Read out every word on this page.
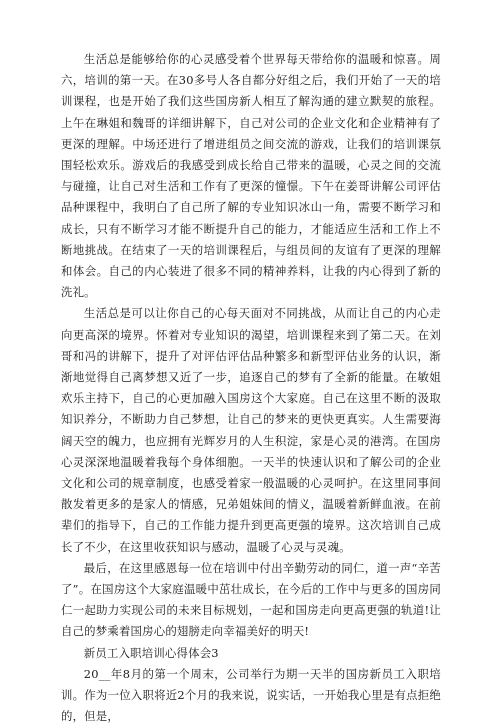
生活总是能够给你的心灵感受着个世界每天带给你的温暖和惊喜。周六，培训的第一天。在30多号人各自都分好组之后，我们开始了一天的培训课程，也是开始了我们这些国房新人相互了解沟通的建立默契的旅程。上午在琳姐和魏哥的详细讲解下，自己对公司的企业文化和企业精神有了更深的理解。中场还进行了增进组员之间交流的游戏，让我们的培训课氛围轻松欢乐。游戏后的我感受到成长给自己带来的温暖，心灵之间的交流与碰撞，让自己对生活和工作有了更深的憧憬。下午在姜哥讲解公司评估品种课程中，我明白了自己所了解的专业知识冰山一角，需要不断学习和成长，只有不断学习才能不断提升自己的能力，才能适应生活和工作上不断地挑战。在结束了一天的培训课程后，与组员间的友谊有了更深的理解和体会。自己的内心装进了很多不同的精神养料，让我的内心得到了新的洗礼。

生活总是可以让你自己的心每天面对不同挑战，从而让自己的内心走向更高深的境界。怀着对专业知识的渴望，培训课程来到了第二天。在刘哥和冯的讲解下，提升了对评估评估品种繁多和新型评估业务的认识，渐渐地觉得自己离梦想又近了一步，追逐自己的梦有了全新的能量。在敏姐欢乐主持下，自己的心更加融入国房这个大家庭。自己在这里不断的汲取知识养分，不断助力自己梦想，让自己的梦来的更快更真实。人生需要海阔天空的魄力，也应拥有光辉岁月的人生积淀，家是心灵的港湾。在国房心灵深深地温暖着我每个身体细胞。一天半的快速认识和了解公司的企业文化和公司的规章制度，也感受着家一般温暖的心灵呵护。在这里同事间散发着更多的是家人的情感，兄弟姐妹间的情义，温暖着新鲜血液。在前辈们的指导下，自己的工作能力提升到更高更强的境界。这次培训自己成长了不少，在这里收获知识与感动，温暖了心灵与灵魂。

最后，在这里感恩每一位在培训中付出辛勤劳动的同仁，道一声“辛苦了”。在国房这个大家庭温暖中茁壮成长，在今后的工作中与更多的国房同仁一起助力实现公司的未来目标规划，一起和国房走向更高更强的轨道!让自己的梦乘着国房心的翅膀走向幸福美好的明天!

新员工入职培训心得体会3

20__年8月的第一个周末，公司举行为期一天半的国房新员工入职培训。作为一位入职将近2个月的我来说，说实话，一开始我心里是有点拒绝的，但是，
